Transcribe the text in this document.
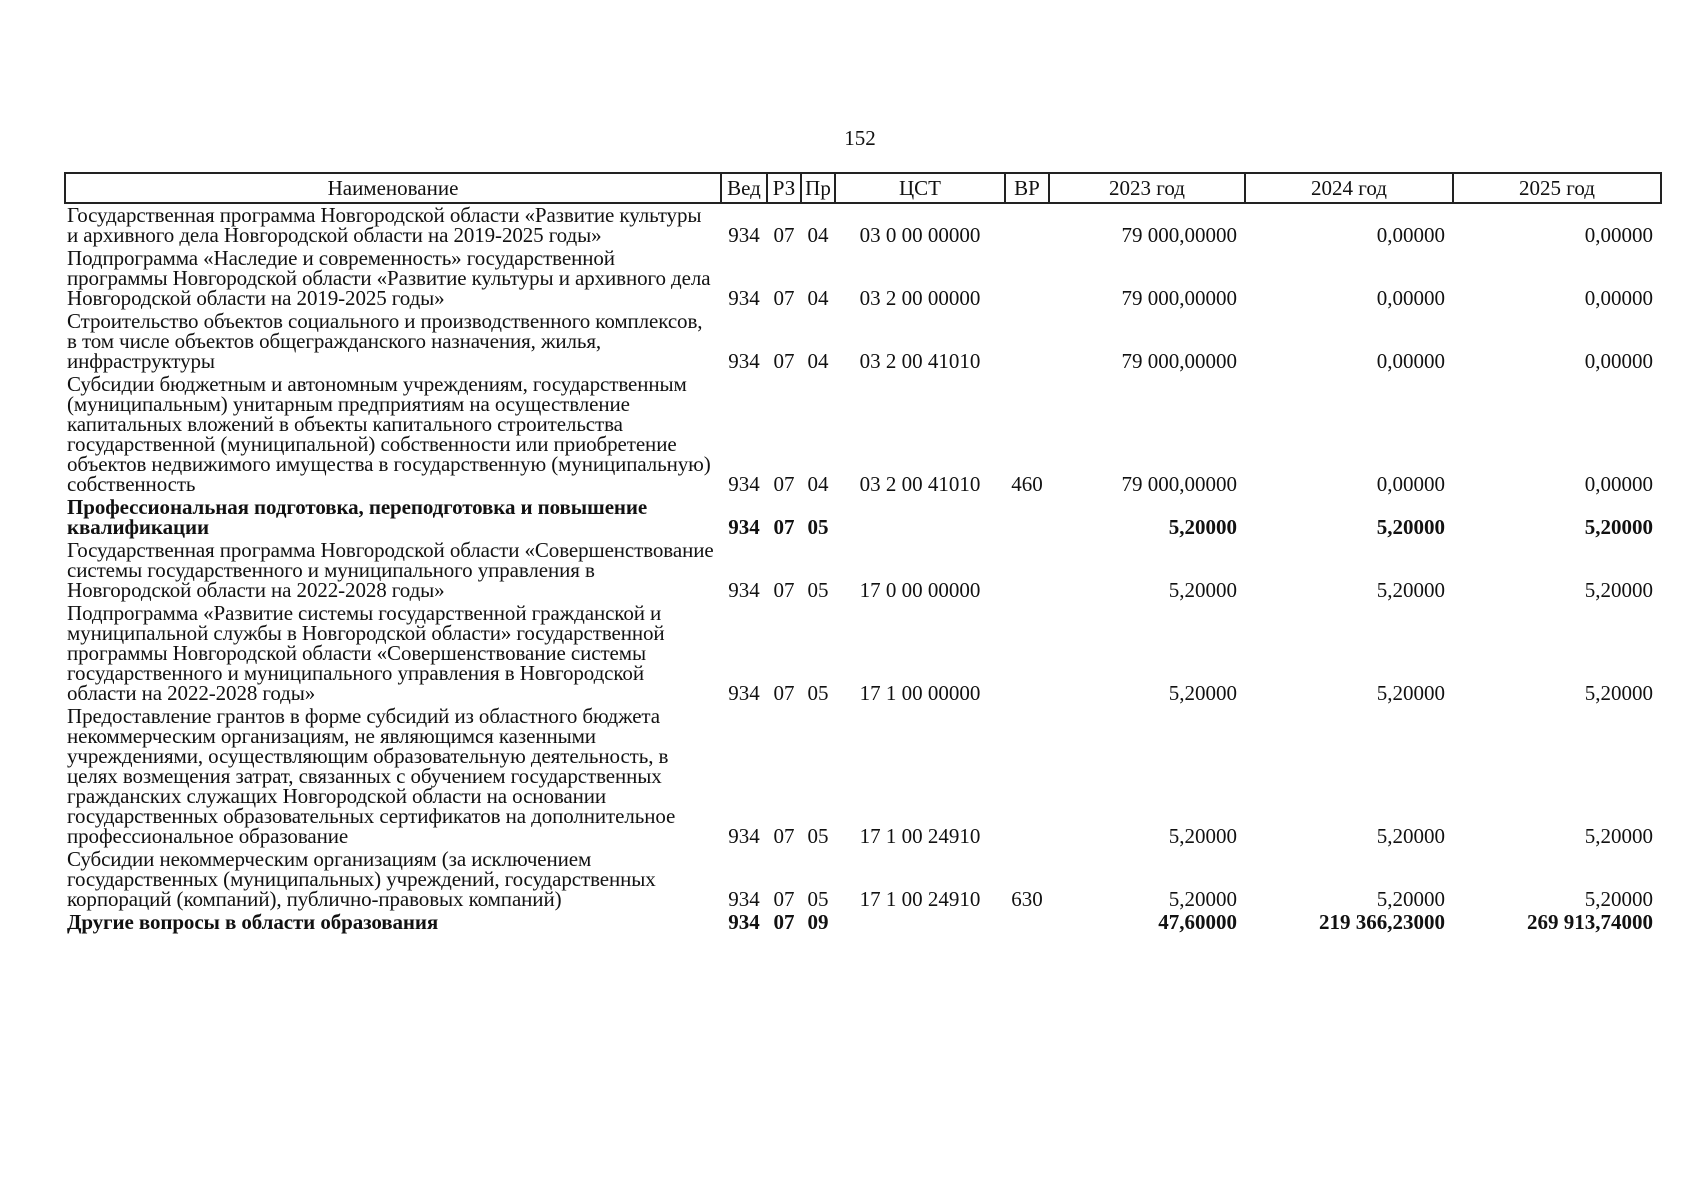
152
Наименование	Вед	РЗ	Пр	ЦСТ	ВР	2023 год	2024 год	2025 год
Государственная программа Новгородской области «Развитие культуры и архивного дела Новгородской области на 2019-2025 годы»	934	07	04	03 0 00 00000		79 000,00000	0,00000	0,00000
Подпрограмма «Наследие и современность» государственной программы Новгородской области «Развитие культуры и архивного дела Новгородской области на 2019-2025 годы»	934	07	04	03 2 00 00000		79 000,00000	0,00000	0,00000
Строительство объектов социального и производственного комплексов, в том числе объектов общегражданского назначения, жилья, инфраструктуры	934	07	04	03 2 00 41010		79 000,00000	0,00000	0,00000
Субсидии бюджетным и автономным учреждениям, государственным (муниципальным) унитарным предприятиям на осуществление капитальных вложений в объекты капитального строительства государственной (муниципальной) собственности или приобретение объектов недвижимого имущества в государственную (муниципальную) собственность	934	07	04	03 2 00 41010	460	79 000,00000	0,00000	0,00000
Профессиональная подготовка, переподготовка и повышение квалификации	934	07	05			5,20000	5,20000	5,20000
Государственная программа Новгородской области «Совершенствование системы государственного и муниципального управления в Новгородской области на 2022-2028 годы»	934	07	05	17 0 00 00000		5,20000	5,20000	5,20000
Подпрограмма «Развитие системы государственной гражданской и муниципальной службы в Новгородской области» государственной программы Новгородской области «Совершенствование системы государственного и муниципального управления в Новгородской области на 2022-2028 годы»	934	07	05	17 1 00 00000		5,20000	5,20000	5,20000
Предоставление грантов в форме субсидий из областного бюджета некоммерческим организациям, не являющимся казенными учреждениями, осуществляющим образовательную деятельность, в целях возмещения затрат, связанных с обучением государственных гражданских служащих Новгородской области на основании государственных образовательных сертификатов на дополнительное профессиональное образование	934	07	05	17 1 00 24910		5,20000	5,20000	5,20000
Субсидии некоммерческим организациям (за исключением государственных (муниципальных) учреждений, государственных корпораций (компаний), публично-правовых компаний)	934	07	05	17 1 00 24910	630	5,20000	5,20000	5,20000
Другие вопросы в области образования	934	07	09			47,60000	219 366,23000	269 913,74000
